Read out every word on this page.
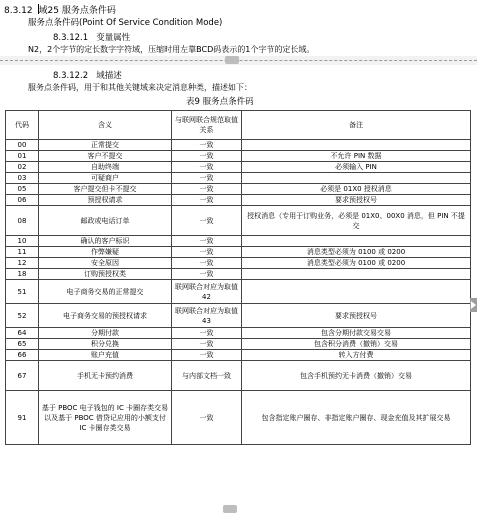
8.3.12 域25 服务点条件码
服务点条件码(Point Of Service Condition Mode)
8.3.12.1 变量属性
N2，2个字节的定长数字字符域，压缩时用左靠BCD码表示的1个字节的定长域。
8.3.12.2 域描述
服务点条件码，用于和其他关键域来决定消息种类，描述如下：
表9 服务点条件码
代码	含义	与联网联合规范取值关系	备注
00	正常提交	一致	
01	客户不提交	一致	不允许 PIN 数据
02	自助终端	一致	必须输入 PIN
03	可疑商户	一致	
05	客户提交但卡不提交	一致	必须是 01X0 授权消息
06	预授权请求	一致	要求预授权号
08	邮政或电话订单	一致	授权消息（专用于订购业务，必须是 01X0、00X0 消息，但 PIN 不提交
10	确认的客户标识	一致	
11	作弊嫌疑	一致	消息类型必须为 0100 或 0200
12	安全原因	一致	消息类型必须为 0100 或 0200
18	订购预授权类	一致	
51	电子商务交易的正常提交	联网联合对应为取值42	
52	电子商务交易的预授权请求	联网联合对应为取值43	要求预授权号
64	分期付款	一致	包含分期付款交易交易
65	积分兑换	一致	包含积分消费（撤销）交易
66	账户充值	一致	转入方付费
67	手机无卡预约消费	与内部文档一致	包含手机预约无卡消费（撤销）交易
91	基于 PBOC 电子钱包的 IC 卡圈存类交易以及基于 PBOC 借贷记应用的小额支付 IC 卡圈存类交易	一致	包含指定账户圈存、非指定账户圈存、现金充值及其扩展交易
